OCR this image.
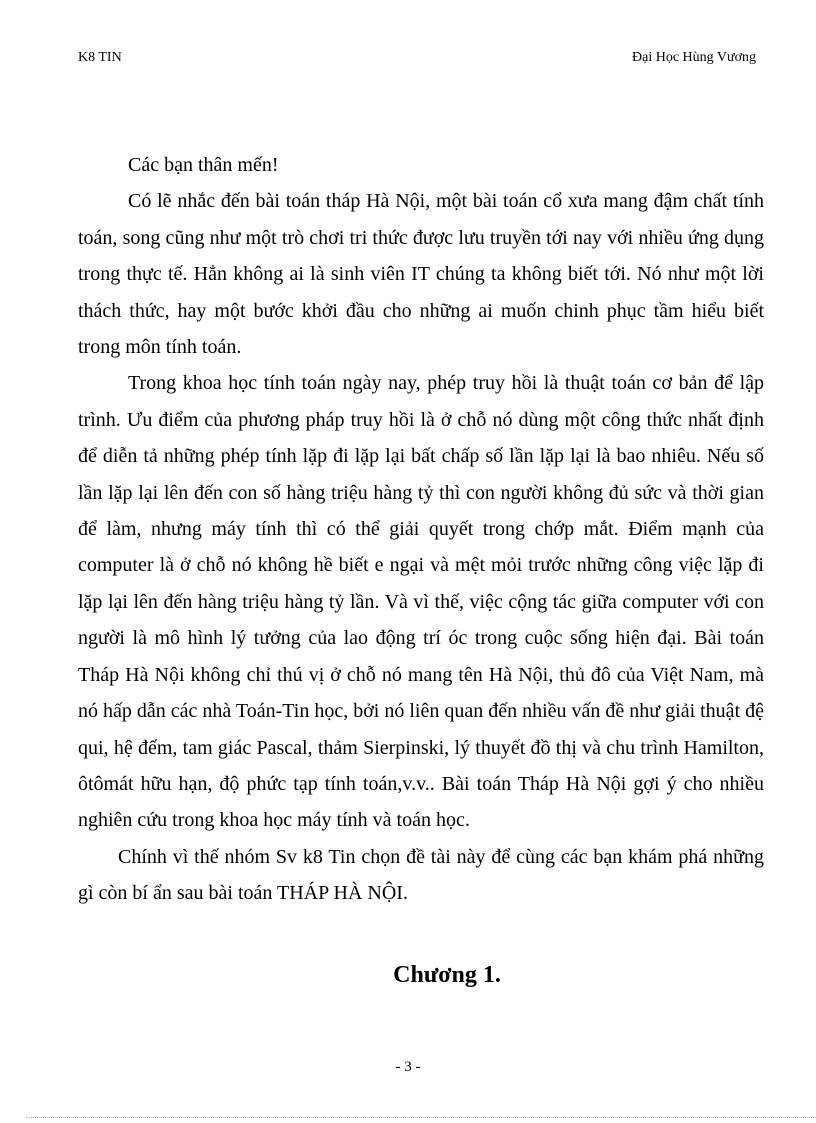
K8 TIN	Đại Học Hùng Vương

Các bạn thân mến!

Có lẽ nhắc đến bài toán tháp Hà Nội, một bài toán cổ xưa mang đậm chất tính toán, song cũng như một trò chơi tri thức được lưu truyền tới nay với nhiều ứng dụng trong thực tế. Hẳn không ai là sinh viên IT chúng ta không biết tới. Nó như một lời thách thức, hay một bước khởi đầu cho những ai muốn chinh phục tầm hiểu biết trong môn tính toán.

Trong khoa học tính toán ngày nay, phép truy hồi là thuật toán cơ bản để lập trình. Ưu điểm của phương pháp truy hồi là ở chỗ nó dùng một công thức nhất định để diễn tả những phép tính lặp đi lặp lại bất chấp số lần lặp lại là bao nhiêu. Nếu số lần lặp lại lên đến con số hàng triệu hàng tỷ thì con người không đủ sức và thời gian để làm, nhưng máy tính thì có thể giải quyết trong chớp mắt. Điểm mạnh của computer là ở chỗ nó không hề biết e ngại và mệt mỏi trước những công việc lặp đi lặp lại lên đến hàng triệu hàng tỷ lần. Và vì thế, việc cộng tác giữa computer với con người là mô hình lý tưởng của lao động trí óc trong cuộc sống hiện đại. Bài toán Tháp Hà Nội không chỉ thú vị ở chỗ nó mang tên Hà Nội, thủ đô của Việt Nam, mà nó hấp dẫn các nhà Toán-Tin học, bởi nó liên quan đến nhiều vấn đề như giải thuật đệ qui, hệ đếm, tam giác Pascal, thảm Sierpinski, lý thuyết đồ thị và chu trình Hamilton, ôtômát hữu hạn, độ phức tạp tính toán,v.v.. Bài toán Tháp Hà Nội gợi ý cho nhiều nghiên cứu trong khoa học máy tính và toán học.

Chính vì thế nhóm Sv k8 Tin chọn đề tài này để cùng các bạn khám phá những gì còn bí ẩn sau bài toán THÁP HÀ NỘI.

Chương 1.
- 3 -
